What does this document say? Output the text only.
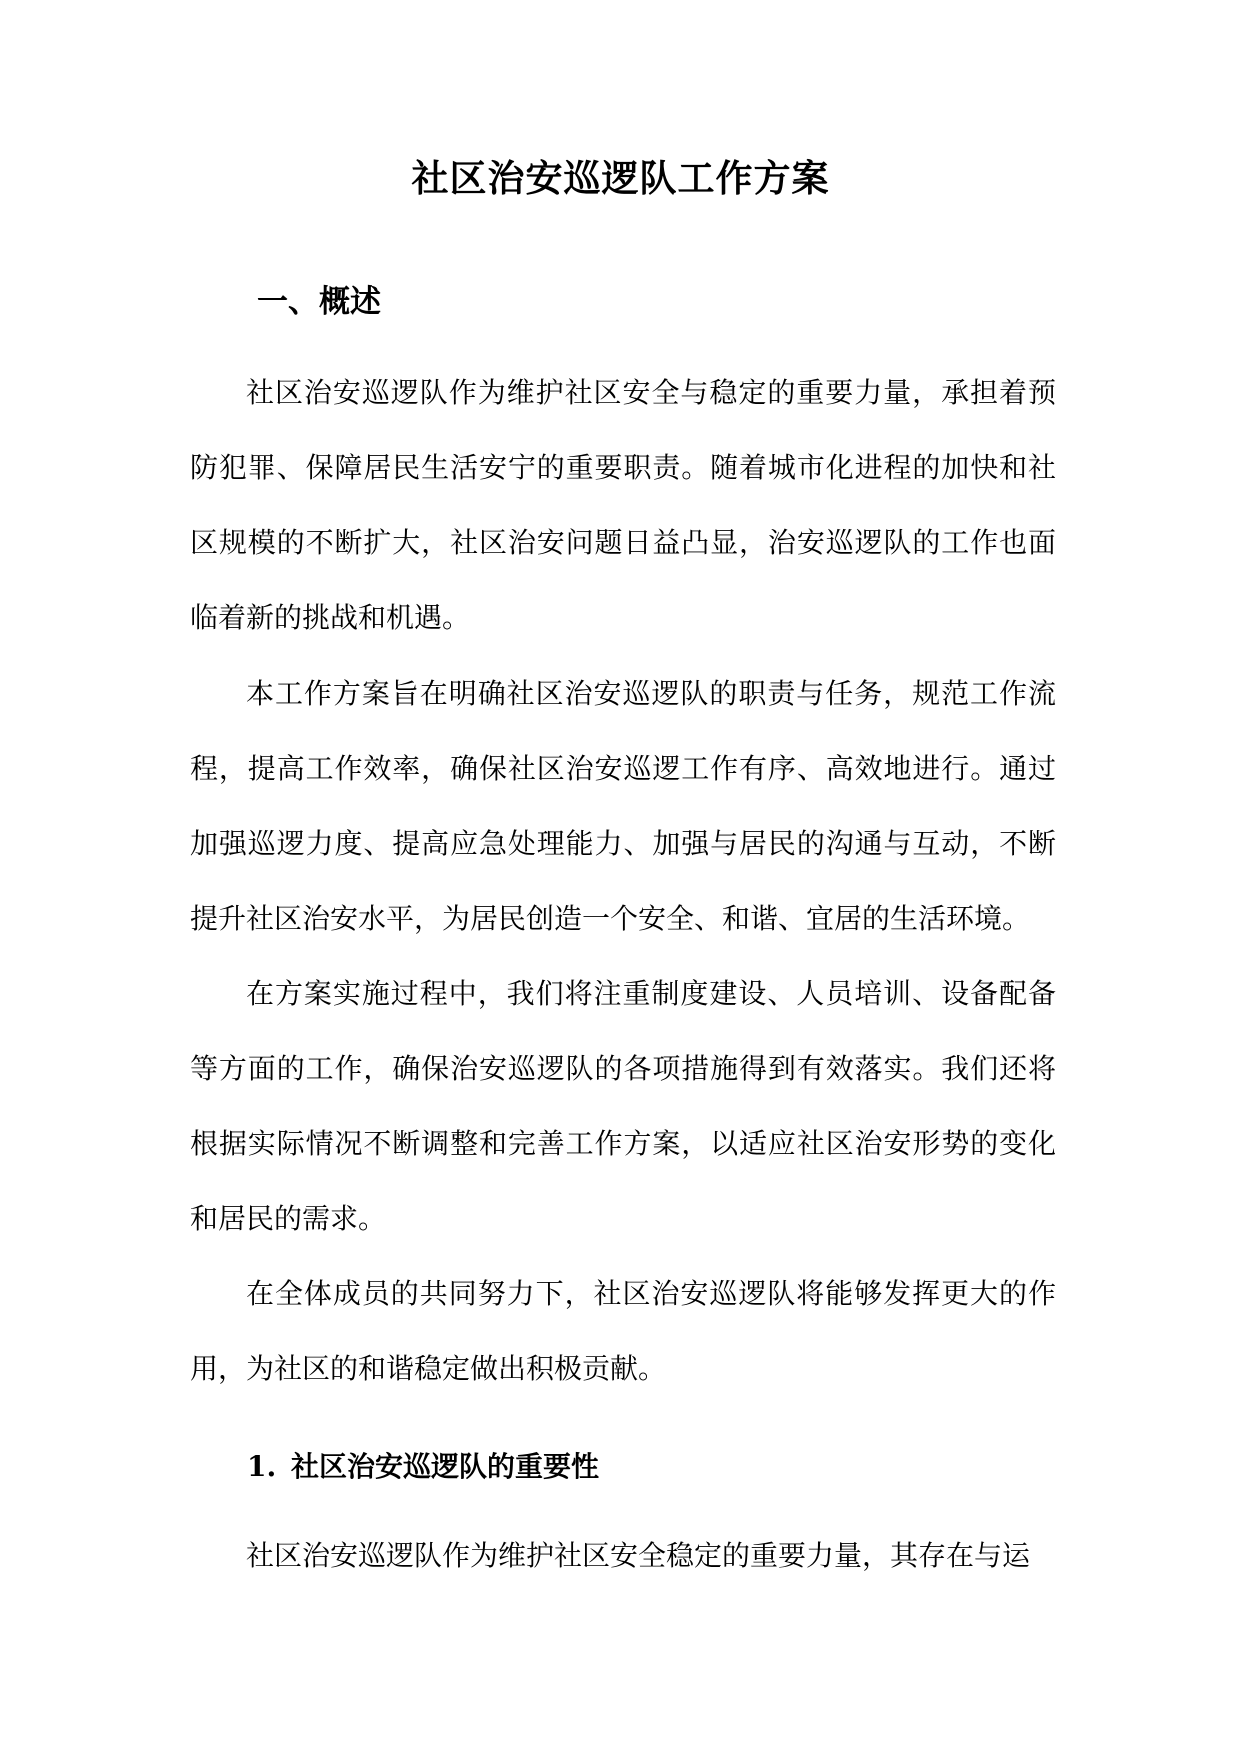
社区治安巡逻队工作方案
一、概述

社区治安巡逻队作为维护社区安全与稳定的重要力量，承担着预防犯罪、保障居民生活安宁的重要职责。随着城市化进程的加快和社区规模的不断扩大，社区治安问题日益凸显，治安巡逻队的工作也面临着新的挑战和机遇。

本工作方案旨在明确社区治安巡逻队的职责与任务，规范工作流程，提高工作效率，确保社区治安巡逻工作有序、高效地进行。通过加强巡逻力度、提高应急处理能力、加强与居民的沟通与互动，不断提升社区治安水平，为居民创造一个安全、和谐、宜居的生活环境。

在方案实施过程中，我们将注重制度建设、人员培训、设备配备等方面的工作，确保治安巡逻队的各项措施得到有效落实。我们还将根据实际情况不断调整和完善工作方案，以适应社区治安形势的变化和居民的需求。

在全体成员的共同努力下，社区治安巡逻队将能够发挥更大的作用，为社区的和谐稳定做出积极贡献。

1. 社区治安巡逻队的重要性

社区治安巡逻队作为维护社区安全稳定的重要力量，其存在与运
